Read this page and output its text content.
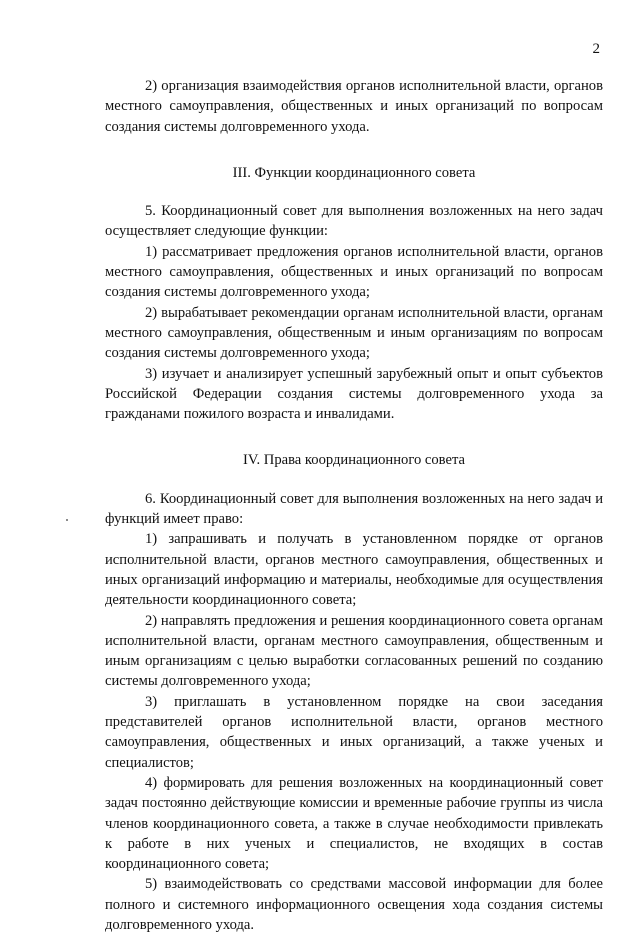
2

2) организация взаимодействия органов исполнительной власти, органов местного самоуправления, общественных и иных организаций по вопросам создания системы долговременного ухода.

III. Функции координационного совета

5. Координационный совет для выполнения возложенных на него задач осуществляет следующие функции:

1) рассматривает предложения органов исполнительной власти, органов местного самоуправления, общественных и иных организаций по вопросам создания системы долговременного ухода;

2) вырабатывает рекомендации органам исполнительной власти, органам местного самоуправления, общественным и иным организациям по вопросам создания системы долговременного ухода;

3) изучает и анализирует успешный зарубежный опыт и опыт субъектов Российской Федерации создания системы долговременного ухода за гражданами пожилого возраста и инвалидами.

IV. Права координационного совета

6. Координационный совет для выполнения возложенных на него задач и функций имеет право:

1) запрашивать и получать в установленном порядке от органов исполнительной власти, органов местного самоуправления, общественных и иных организаций информацию и материалы, необходимые для осуществления деятельности координационного совета;

2) направлять предложения и решения координационного совета органам исполнительной власти, органам местного самоуправления, общественным и иным организациям с целью выработки согласованных решений по созданию системы долговременного ухода;

3) приглашать в установленном порядке на свои заседания представителей органов исполнительной власти, органов местного самоуправления, общественных и иных организаций, а также ученых и специалистов;

4) формировать для решения возложенных на координационный совет задач постоянно действующие комиссии и временные рабочие группы из числа членов координационного совета, а также в случае необходимости привлекать к работе в них ученых и специалистов, не входящих в состав координационного совета;

5) взаимодействовать со средствами массовой информации для более полного и системного информационного освещения хода создания системы долговременного ухода.
